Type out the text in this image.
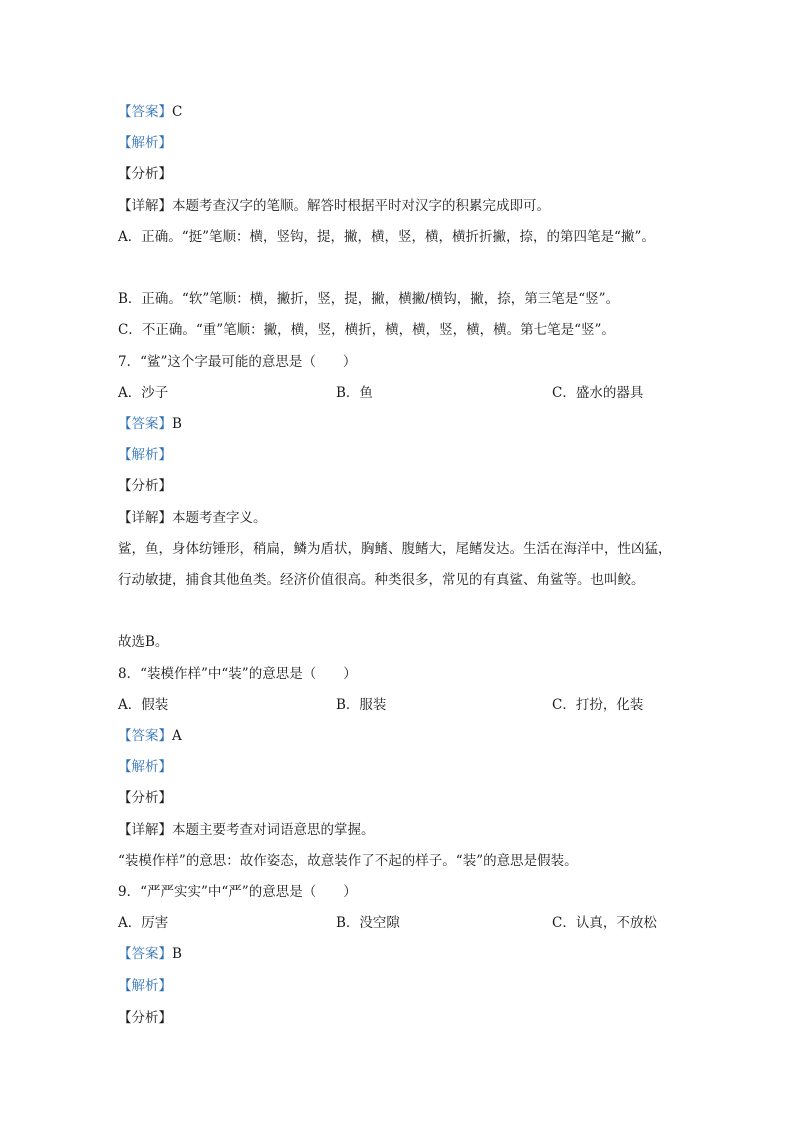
【答案】C
【解析】
【分析】
【详解】本题考查汉字的笔顺。解答时根据平时对汉字的积累完成即可。
A．正确。“挺”笔顺：横，竖钩，提，撇，横，竖，横，横折折撇，捺，的第四笔是“撇”。
B．正确。“软”笔顺：横，撇折，竖，提，撇，横撇/横钩，撇，捺，第三笔是“竖”。
C．不正确。“重”笔顺：撇，横，竖，横折，横，横，竖，横，横。第七笔是“竖”。
7．“鲨”这个字最可能的意思是（　　）
A．沙子	B．鱼	C．盛水的器具
【答案】B
【解析】
【分析】
【详解】本题考查字义。
鲨，鱼，身体纺锤形，稍扁，鳞为盾状，胸鳍、腹鳍大，尾鳍发达。生活在海洋中，性凶猛，行动敏捷，捕食其他鱼类。经济价值很高。种类很多，常见的有真鲨、角鲨等。也叫鲛。
故选B。
8．“装模作样”中“装”的意思是（　　）
A．假装	B．服装	C．打扮，化装
【答案】A
【解析】
【分析】
【详解】本题主要考查对词语意思的掌握。
“装模作样”的意思：故作姿态，故意装作了不起的样子。“装”的意思是假装。
9．“严严实实”中“严”的意思是（　　）
A．厉害	B．没空隙	C．认真，不放松
【答案】B
【解析】
【分析】
